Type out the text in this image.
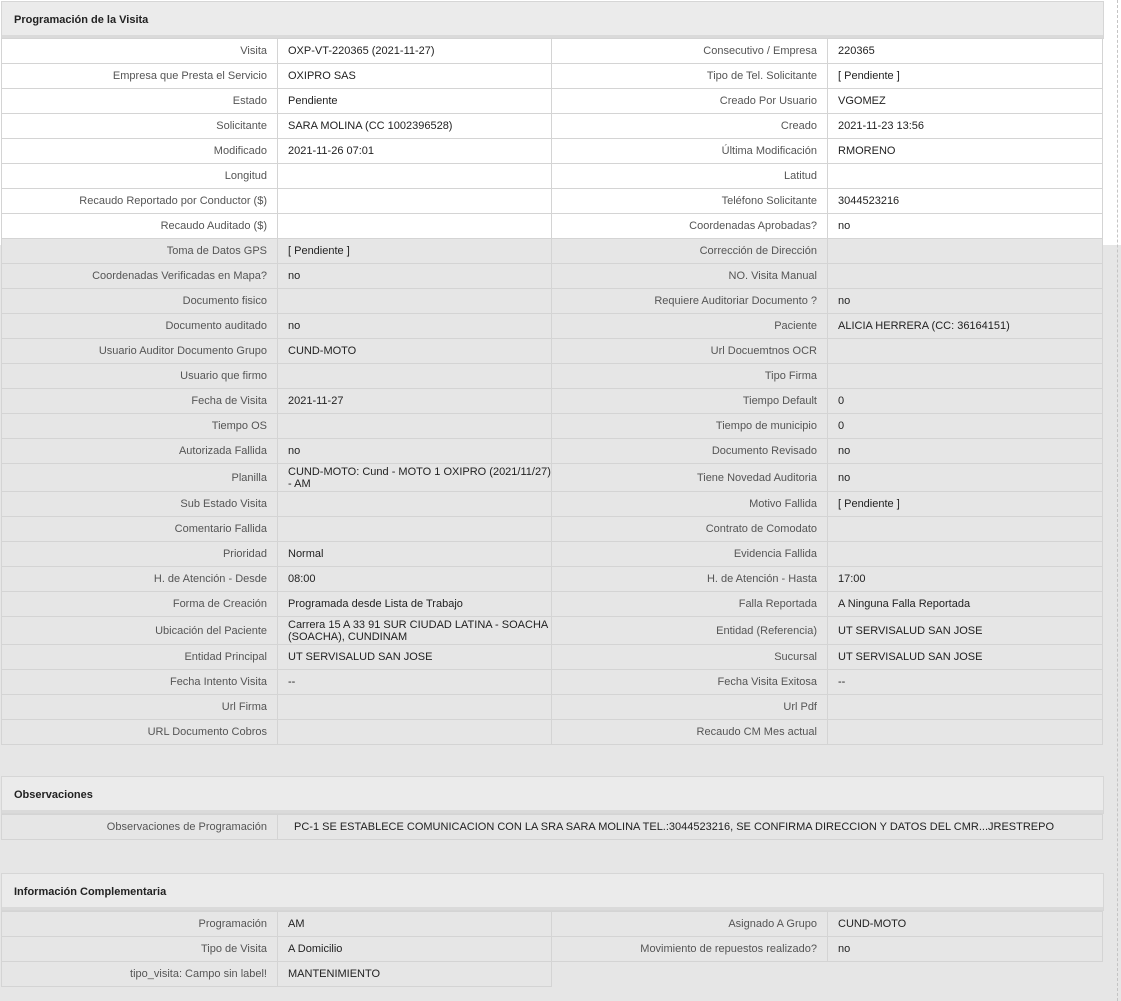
Programación de la Visita
Visita	OXP-VT-220365 (2021-11-27)	Consecutivo / Empresa	220365
Empresa que Presta el Servicio	OXIPRO SAS	Tipo de Tel. Solicitante	[ Pendiente ]
Estado	Pendiente	Creado Por Usuario	VGOMEZ
Solicitante	SARA MOLINA (CC 1002396528)	Creado	2021-11-23 13:56
Modificado	2021-11-26 07:01	Última Modificación	RMORENO
Longitud		Latitud	
Recaudo Reportado por Conductor ($)		Teléfono Solicitante	3044523216
Recaudo Auditado ($)		Coordenadas Aprobadas?	no
Toma de Datos GPS	[ Pendiente ]	Corrección de Dirección	
Coordenadas Verificadas en Mapa?	no	NO. Visita Manual	
Documento fisico		Requiere Auditoriar Documento ?	no
Documento auditado	no	Paciente	ALICIA HERRERA (CC: 36164151)
Usuario Auditor Documento Grupo	CUND-MOTO	Url Docuemtnos OCR	
Usuario que firmo		Tipo Firma	
Fecha de Visita	2021-11-27	Tiempo Default	0
Tiempo OS		Tiempo de municipio	0
Autorizada Fallida	no	Documento Revisado	no
Planilla	CUND-MOTO: Cund - MOTO 1 OXIPRO (2021/11/27) - AM	Tiene Novedad Auditoria	no
Sub Estado Visita		Motivo Fallida	[ Pendiente ]
Comentario Fallida		Contrato de Comodato	
Prioridad	Normal	Evidencia Fallida	
H. de Atención - Desde	08:00	H. de Atención - Hasta	17:00
Forma de Creación	Programada desde Lista de Trabajo	Falla Reportada	A Ninguna Falla Reportada
Ubicación del Paciente	Carrera 15 A 33 91 SUR CIUDAD LATINA - SOACHA (SOACHA), CUNDINAM	Entidad (Referencia)	UT SERVISALUD SAN JOSE
Entidad Principal	UT SERVISALUD SAN JOSE	Sucursal	UT SERVISALUD SAN JOSE
Fecha Intento Visita	--	Fecha Visita Exitosa	--
Url Firma		Url Pdf	
URL Documento Cobros		Recaudo CM Mes actual	
Observaciones
Observaciones de Programación	PC-1 SE ESTABLECE COMUNICACION CON LA SRA SARA MOLINA TEL.:3044523216, SE CONFIRMA DIRECCION Y DATOS DEL CMR...JRESTREPO
Información Complementaria
Programación	AM	Asignado A Grupo	CUND-MOTO
Tipo de Visita	A Domicilio	Movimiento de repuestos realizado?	no
tipo_visita: Campo sin label!	MANTENIMIENTO		
